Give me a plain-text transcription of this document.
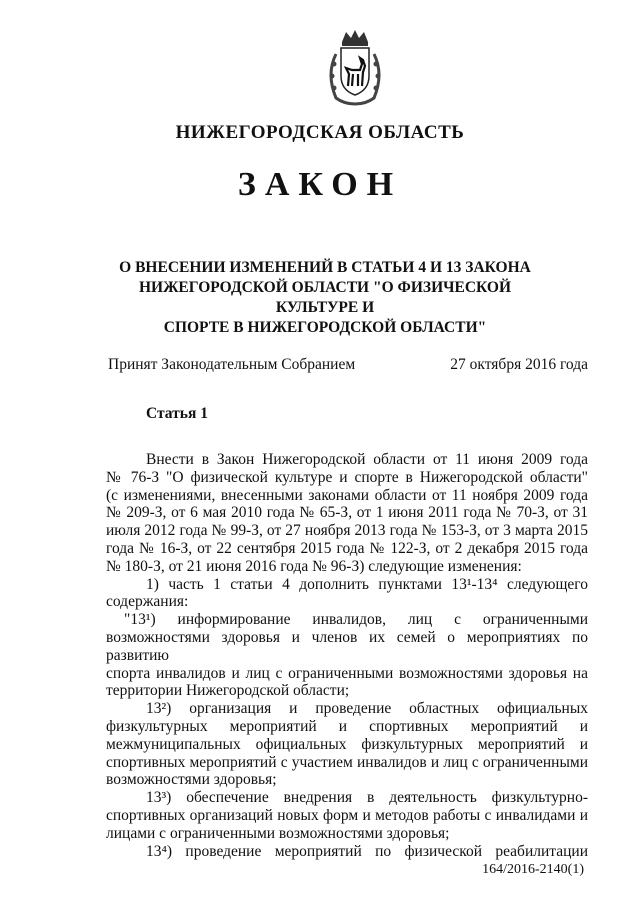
НИЖЕГОРОДСКАЯ ОБЛАСТЬ
ЗАКОН
О ВНЕСЕНИИ ИЗМЕНЕНИЙ В СТАТЬИ 4 И 13 ЗАКОНА
НИЖЕГОРОДСКОЙ ОБЛАСТИ "О ФИЗИЧЕСКОЙ КУЛЬТУРЕ И
СПОРТЕ В НИЖЕГОРОДСКОЙ ОБЛАСТИ"
Принят Законодательным Собранием	27 октября 2016 года
Статья 1

Внести в Закон Нижегородской области от 11 июня 2009 года

№ 76-З "О физической культуре и спорте в Нижегородской области"

(с изменениями, внесенными законами области от 11 ноября 2009 года

№ 209-З, от 6 мая 2010 года № 65-З, от 1 июня 2011 года № 70-З, от 31

июля 2012 года № 99-З, от 27 ноября 2013 года № 153-З, от 3 марта 2015

года № 16-З, от 22 сентября 2015 года № 122-З, от 2 декабря 2015 года

№ 180-З, от 21 июня 2016 года № 96-З) следующие изменения:

1) часть 1 статьи 4 дополнить пунктами 13¹-13⁴ следующего

содержания:

"13¹) информирование инвалидов, лиц с ограниченными

возможностями здоровья и членов их семей о мероприятиях по развитию

спорта инвалидов и лиц с ограниченными возможностями здоровья на

территории Нижегородской области;

13²) организация и проведение областных официальных

физкультурных мероприятий и спортивных мероприятий и

межмуниципальных официальных физкультурных мероприятий и

спортивных мероприятий с участием инвалидов и лиц с ограниченными

возможностями здоровья;

13³) обеспечение внедрения в деятельность физкультурно-

спортивных организаций новых форм и методов работы с инвалидами и

лицами с ограниченными возможностями здоровья;

13⁴) проведение мероприятий по физической реабилитации

164/2016-2140(1)
